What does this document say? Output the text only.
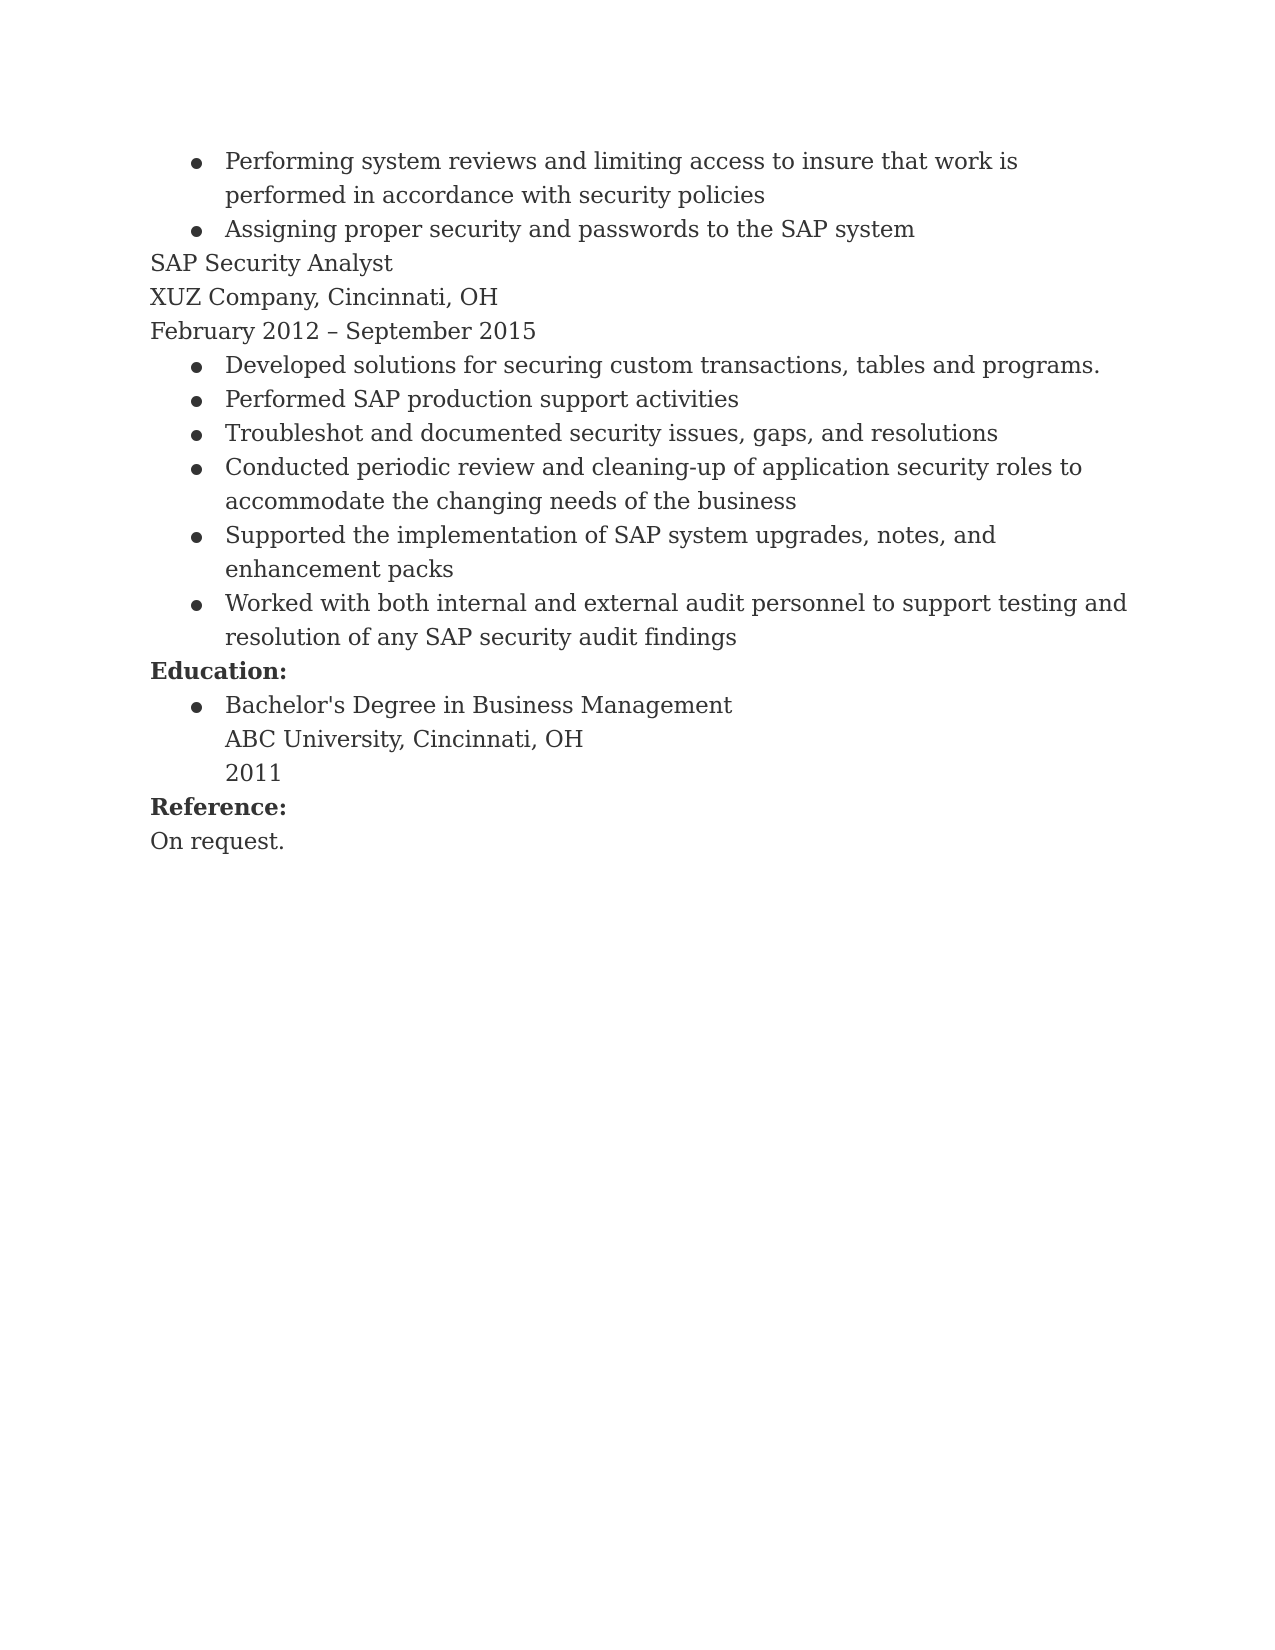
Performing system reviews and limiting access to insure that work is performed in accordance with security policies
Assigning proper security and passwords to the SAP system
SAP Security Analyst
XUZ Company, Cincinnati, OH
February 2012 – September 2015
Developed solutions for securing custom transactions, tables and programs.
Performed SAP production support activities
Troubleshot and documented security issues, gaps, and resolutions
Conducted periodic review and cleaning-up of application security roles to accommodate the changing needs of the business
Supported the implementation of SAP system upgrades, notes, and enhancement packs
Worked with both internal and external audit personnel to support testing and resolution of any SAP security audit findings
Education:
Bachelor's Degree in Business Management
ABC University, Cincinnati, OH
2011
Reference:
On request.
